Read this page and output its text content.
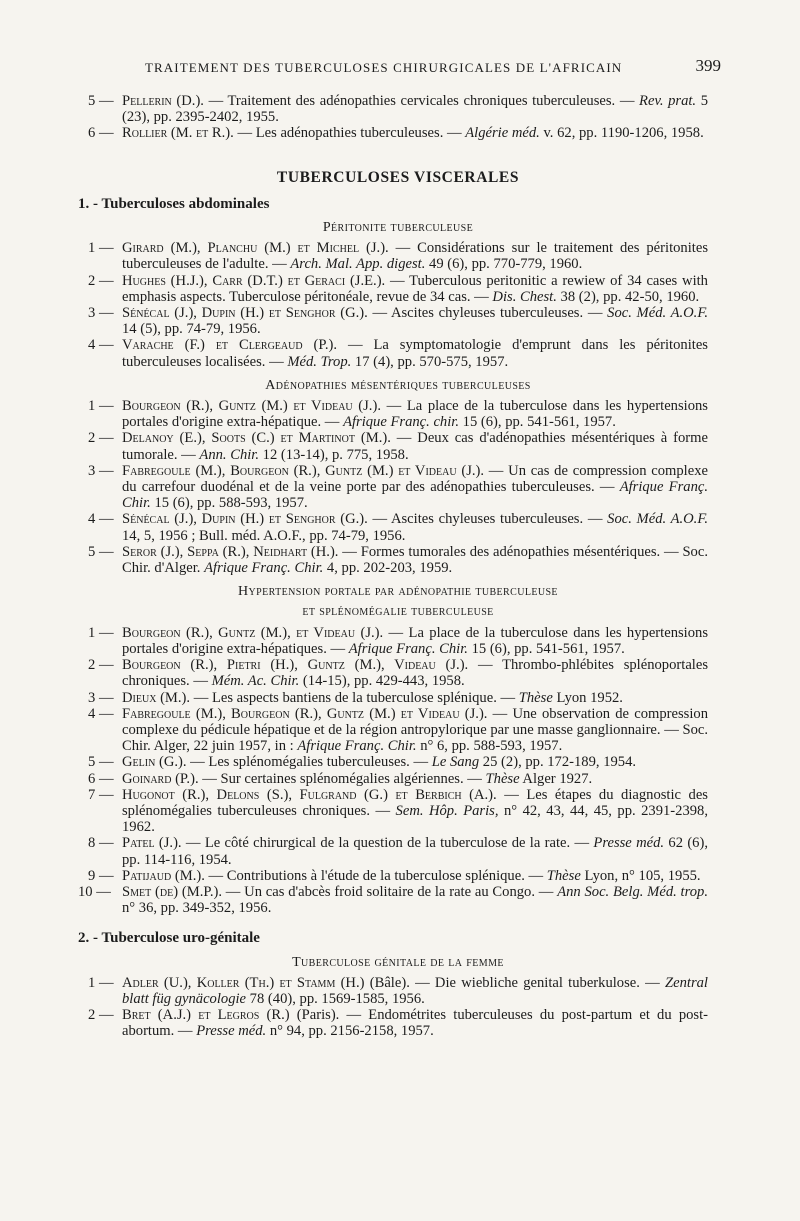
TRAITEMENT DES TUBERCULOSES CHIRURGICALES DE L'AFRICAIN	399

5 — Pellerin (D.). — Traitement des adénopathies cervicales chroniques tuberculeuses. — Rev. prat. 5 (23), pp. 2395-2402, 1955.

6 — Rollier (M. et R.). — Les adénopathies tuberculeuses. — Algérie méd. v. 62, pp. 1190-1206, 1958.

TUBERCULOSES VISCERALES
1. - Tuberculoses abdominales
Péritonite tuberculeuse

1 — Girard (M.), Planchu (M.) et Michel (J.). — Considérations sur le traitement des péritonites tuberculeuses de l'adulte. — Arch. Mal. App. digest. 49 (6), pp. 770-779, 1960.

2 — Hughes (H.J.), Carr (D.T.) et Geraci (J.E.). — Tuberculous peritonitic a rewiew of 34 cases with emphasis aspects. Tuberculose péritonéale, revue de 34 cas. — Dis. Chest. 38 (2), pp. 42-50, 1960.

3 — Sénécal (J.), Dupin (H.) et Senghor (G.). — Ascites chyleuses tuberculeuses. — Soc. Méd. A.O.F. 14 (5), pp. 74-79, 1956.

4 — Varache (F.) et Clergeaud (P.). — La symptomatologie d'emprunt dans les péritonites tuberculeuses localisées. — Méd. Trop. 17 (4), pp. 570-575, 1957.

Adénopathies mésentériques tuberculeuses

1 — Bourgeon (R.), Guntz (M.) et Videau (J.). — La place de la tuberculose dans les hypertensions portales d'origine extra-hépatique. — Afrique Franç. chir. 15 (6), pp. 541-561, 1957.

2 — Delanoy (E.), Soots (C.) et Martinot (M.). — Deux cas d'adénopathies mésentériques à forme tumorale. — Ann. Chir. 12 (13-14), p. 775, 1958.

3 — Fabregoule (M.), Bourgeon (R.), Guntz (M.) et Videau (J.). — Un cas de compression complexe du carrefour duodénal et de la veine porte par des adénopathies tuberculeuses. — Afrique Franç. Chir. 15 (6), pp. 588-593, 1957.

4 — Sénécal (J.), Dupin (H.) et Senghor (G.). — Ascites chyleuses tuberculeuses. — Soc. Méd. A.O.F. 14, 5, 1956 ; Bull. méd. A.O.F., pp. 74-79, 1956.

5 — Seror (J.), Seppa (R.), Neidhart (H.). — Formes tumorales des adénopathies mésentériques. — Soc. Chir. d'Alger. Afrique Franç. Chir. 4, pp. 202-203, 1959.

Hypertension portale par adénopathie tuberculeuse
et splénomégalie tuberculeuse

1 — Bourgeon (R.), Guntz (M.), et Videau (J.). — La place de la tuberculose dans les hypertensions portales d'origine extra-hépatiques. — Afrique Franç. Chir. 15 (6), pp. 541-561, 1957.

2 — Bourgeon (R.), Pietri (H.), Guntz (M.), Videau (J.). — Thrombo-phlébites splénoportales chroniques. — Mém. Ac. Chir. (14-15), pp. 429-443, 1958.

3 — Dieux (M.). — Les aspects bantiens de la tuberculose splénique. — Thèse Lyon 1952.

4 — Fabregoule (M.), Bourgeon (R.), Guntz (M.) et Videau (J.). — Une observation de compression complexe du pédicule hépatique et de la région antropylorique par une masse ganglionnaire. — Soc. Chir. Alger, 22 juin 1957, in : Afrique Franç. Chir. n° 6, pp. 588-593, 1957.

5 — Gelin (G.). — Les splénomégalies tuberculeuses. — Le Sang 25 (2), pp. 172-189, 1954.

6 — Goinard (P.). — Sur certaines splénomégalies algériennes. — Thèse Alger 1927.

7 — Hugonot (R.), Delons (S.), Fulgrand (G.) et Berbich (A.). — Les étapes du diagnostic des splénomégalies tuberculeuses chroniques. — Sem. Hôp. Paris, n° 42, 43, 44, 45, pp. 2391-2398, 1962.

8 — Patel (J.). — Le côté chirurgical de la question de la tuberculose de la rate. — Presse méd. 62 (6), pp. 114-116, 1954.

9 — Patijaud (M.). — Contributions à l'étude de la tuberculose splénique. — Thèse Lyon, n° 105, 1955.

10 — Smet (de) (M.P.). — Un cas d'abcès froid solitaire de la rate au Congo. — Ann Soc. Belg. Méd. trop. n° 36, pp. 349-352, 1956.

2. - Tuberculose uro-génitale
Tuberculose génitale de la femme

1 — Adler (U.), Koller (Th.) et Stamm (H.) (Bâle). — Die wiebliche genital tuberkulose. — Zentral blatt füg gynäcologie 78 (40), pp. 1569-1585, 1956.

2 — Bret (A.J.) et Legros (R.) (Paris). — Endométrites tuberculeuses du post-partum et du post-abortum. — Presse méd. n° 94, pp. 2156-2158, 1957.
